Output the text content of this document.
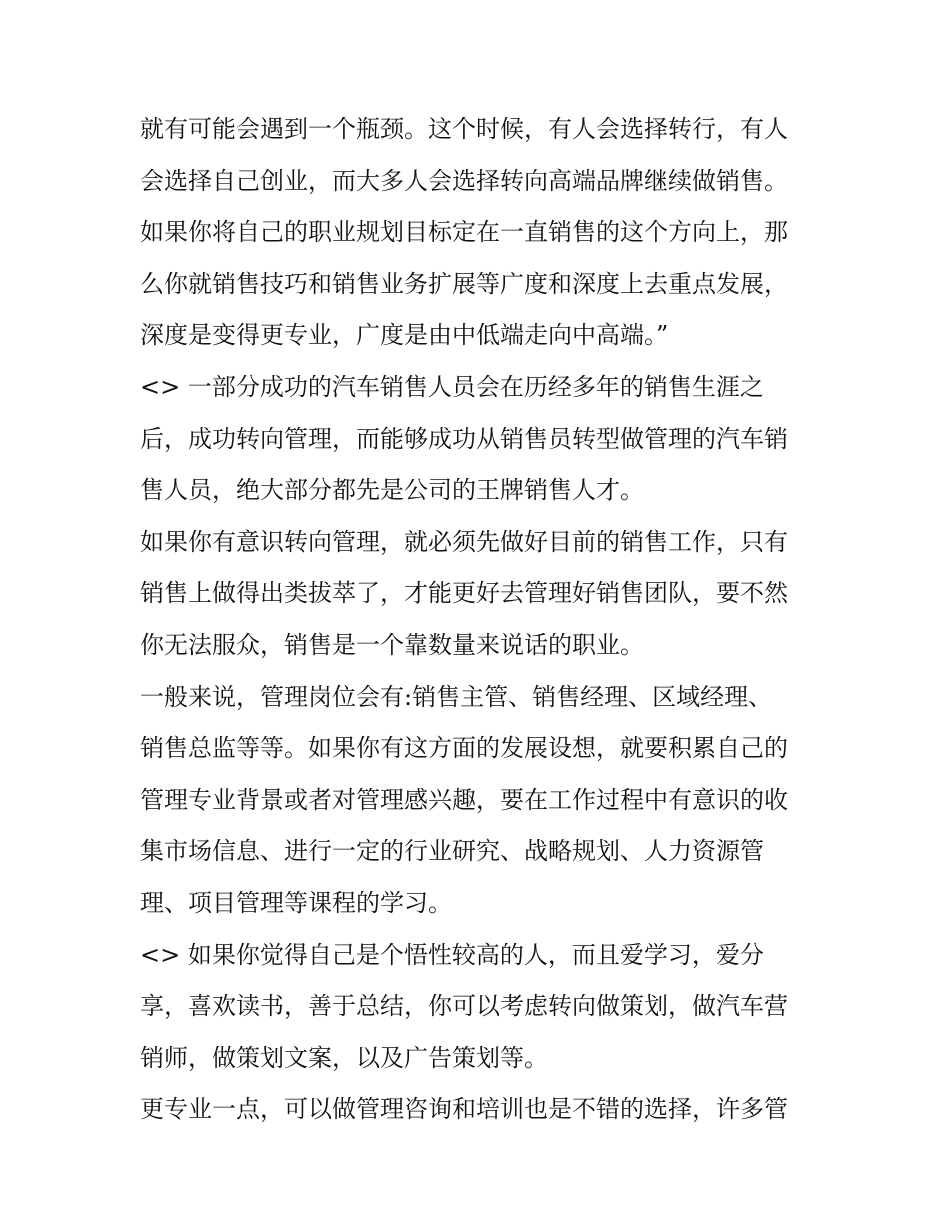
就有可能会遇到一个瓶颈。这个时候，有人会选择转行，有人
会选择自己创业，而大多人会选择转向高端品牌继续做销售。
如果你将自己的职业规划目标定在一直销售的这个方向上，那
么你就销售技巧和销售业务扩展等广度和深度上去重点发展，
深度是变得更专业，广度是由中低端走向中高端。”
<> 一部分成功的汽车销售人员会在历经多年的销售生涯之
后，成功转向管理，而能够成功从销售员转型做管理的汽车销
售人员，绝大部分都先是公司的王牌销售人才。
如果你有意识转向管理，就必须先做好目前的销售工作，只有
销售上做得出类拔萃了，才能更好去管理好销售团队，要不然
你无法服众，销售是一个靠数量来说话的职业。
一般来说，管理岗位会有:销售主管、销售经理、区域经理、
销售总监等等。如果你有这方面的发展设想，就要积累自己的
管理专业背景或者对管理感兴趣，要在工作过程中有意识的收
集市场信息、进行一定的行业研究、战略规划、人力资源管
理、项目管理等课程的学习。
<> 如果你觉得自己是个悟性较高的人，而且爱学习，爱分
享，喜欢读书，善于总结，你可以考虑转向做策划，做汽车营
销师，做策划文案，以及广告策划等。
更专业一点，可以做管理咨询和培训也是不错的选择，许多管
